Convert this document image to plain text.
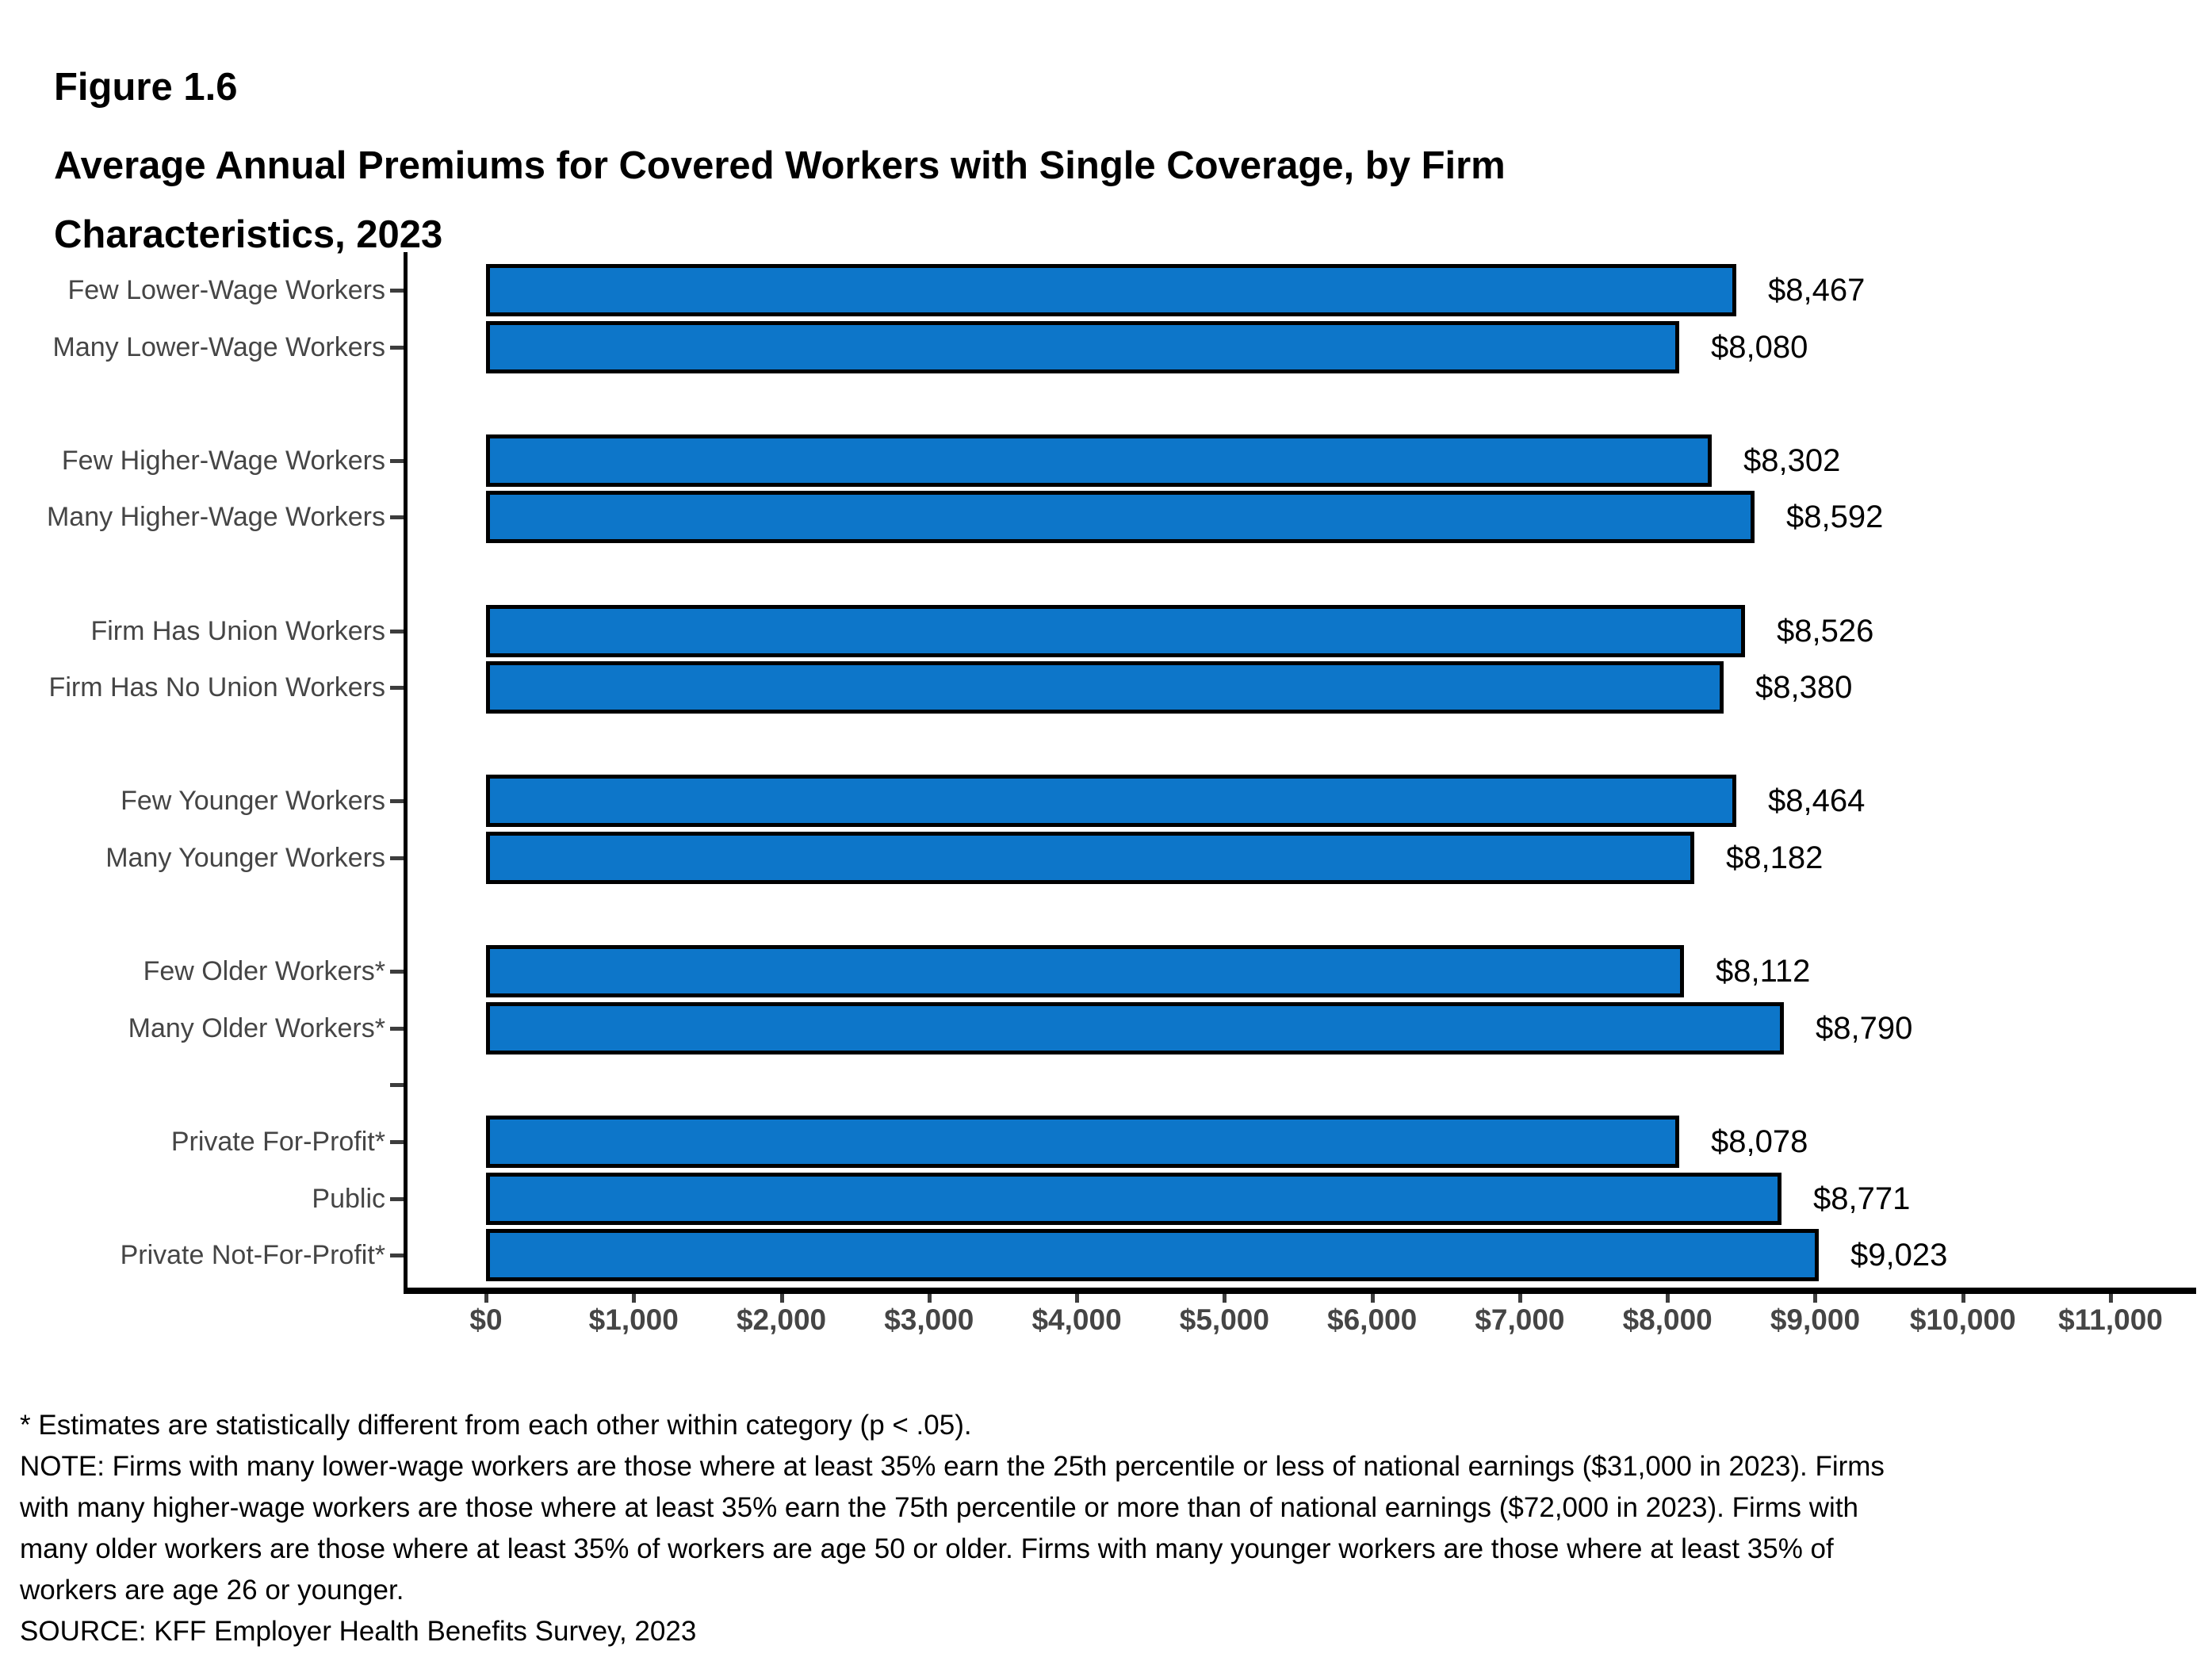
Figure 1.6
Average Annual Premiums for Covered Workers with Single Coverage, by Firm
Characteristics, 2023
Few Lower-Wage Workers	$8,467
Many Lower-Wage Workers	$8,080
Few Higher-Wage Workers	$8,302
Many Higher-Wage Workers	$8,592
Firm Has Union Workers	$8,526
Firm Has No Union Workers	$8,380
Few Younger Workers	$8,464
Many Younger Workers	$8,182
Few Older Workers*	$8,112
Many Older Workers*	$8,790
Private For-Profit*	$8,078
Public	$8,771
Private Not-For-Profit*	$9,023
$0	$1,000	$2,000	$3,000	$4,000	$5,000	$6,000	$7,000	$8,000	$9,000	$10,000	$11,000
* Estimates are statistically different from each other within category (p < .05).
NOTE: Firms with many lower-wage workers are those where at least 35% earn the 25th percentile or less of national earnings ($31,000 in 2023). Firms
with many higher-wage workers are those where at least 35% earn the 75th percentile or more than of national earnings ($72,000 in 2023). Firms with
many older workers are those where at least 35% of workers are age 50 or older. Firms with many younger workers are those where at least 35% of
workers are age 26 or younger.
SOURCE: KFF Employer Health Benefits Survey, 2023
